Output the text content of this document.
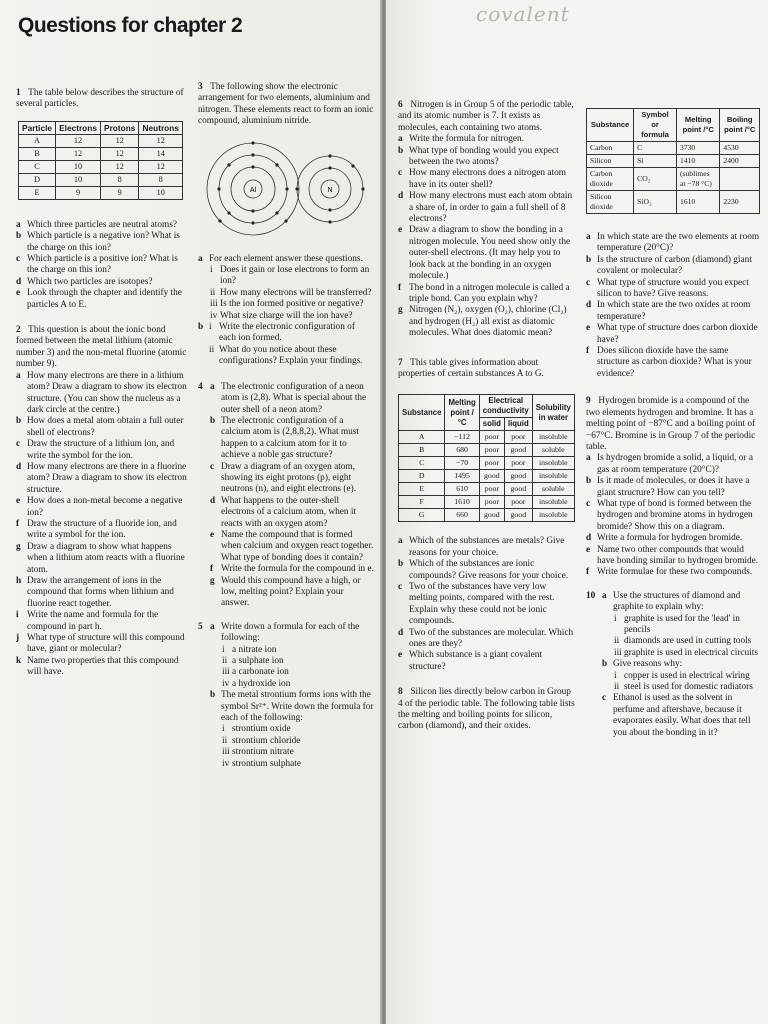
Questions for chapter 2

1 The table below describes the structure of several particles.

Particle	Electrons	Protons	Neutrons
A	12	12	12
B	12	12	14
C	10	12	12
D	10	8	8
E	9	9	10
a Which three particles are neutral atoms?
b Which particle is a negative ion? What is the charge on this ion?
c Which particle is a positive ion? What is the charge on this ion?
d Which two particles are isotopes?
e Look through the chapter and identify the particles A to E.

2 This question is about the ionic bond formed between the metal lithium (atomic number 3) and the non-metal fluorine (atomic number 9).

a How many electrons are there in a lithium atom? Draw a diagram to show its electron structure. (You can show the nucleus as a dark circle at the centre.)
b How does a metal atom obtain a full outer shell of electrons?
c Draw the structure of a lithium ion, and write the symbol for the ion.
d How many electrons are there in a fluorine atom? Draw a diagram to show its electron structure.
e How does a non-metal become a negative ion?
f Draw the structure of a fluoride ion, and write a symbol for the ion.
g Draw a diagram to show what happens when a lithium atom reacts with a fluorine atom.
h Draw the arrangement of ions in the compound that forms when lithium and fluorine react together.
i Write the name and formula for the compound in part h.
j What type of structure will this compound have, giant or molecular?
k Name two properties that this compound will have.

3 The following show the electronic arrangement for two elements, aluminium and nitrogen. These elements react to form an ionic compound, aluminium nitride.

Al	N
a For each element answer these questions.
i Does it gain or lose electrons to form an ion?
ii How many electrons will be transferred?
iii Is the ion formed positive or negative?
iv What size charge will the ion have?
b i Write the electronic configuration of each ion formed.
ii What do you notice about these configurations? Explain your findings.
4 a The electronic configuration of a neon atom is (2,8). What is special about the outer shell of a neon atom?
b The electronic configuration of a calcium atom is (2,8,8,2). What must happen to a calcium atom for it to achieve a noble gas structure?
c Draw a diagram of an oxygen atom, showing its eight protons (p), eight neutrons (n), and eight electrons (e).
d What happens to the outer-shell electrons of a calcium atom, when it reacts with an oxygen atom?
e Name the compound that is formed when calcium and oxygen react together. What type of bonding does it contain?
f Write the formula for the compound in e.
g Would this compound have a high, or low, melting point? Explain your answer.
5 a Write down a formula for each of the following:
i a nitrate ion
ii a sulphate ion
iii a carbonate ion
iv a hydroxide ion
b The metal strontium forms ions with the symbol Sr²⁺. Write down the formula for each of the following:
i strontium oxide
ii strontium chloride
iii strontium nitrate
iv strontium sulphate
covalent

6 Nitrogen is in Group 5 of the periodic table, and its atomic number is 7. It exists as molecules, each containing two atoms.

a Write the formula for nitrogen.
b What type of bonding would you expect between the two atoms?
c How many electrons does a nitrogen atom have in its outer shell?
d How many electrons must each atom obtain a share of, in order to gain a full shell of 8 electrons?
e Draw a diagram to show the bonding in a nitrogen molecule. You need show only the outer-shell electrons. (It may help you to look back at the bonding in an oxygen molecule.)
f The bond in a nitrogen molecule is called a triple bond. Can you explain why?
g Nitrogen (N₂), oxygen (O₂), chlorine (Cl₂) and hydrogen (H₂) all exist as diatomic molecules. What does diatomic mean?

7 This table gives information about properties of certain substances A to G.

Substance	Melting point /°C	Electrical conductivity		Solubility in water
		solid	liquid	
A	−112	poor	poor	insoluble
B	680	poor	good	soluble
C	−70	poor	poor	insoluble
D	1495	good	good	insoluble
E	610	poor	good	soluble
F	1610	poor	poor	insoluble
G	660	good	good	insoluble
a Which of the substances are metals? Give reasons for your choice.
b Which of the substances are ionic compounds? Give reasons for your choice.
c Two of the substances have very low melting points, compared with the rest. Explain why these could not be ionic compounds.
d Two of the substances are molecular. Which ones are they?
e Which substance is a giant covalent structure?

8 Silicon lies directly below carbon in Group 4 of the periodic table. The following table lists the melting and boiling points for silicon, carbon (diamond), and their oxides.

Substance	Symbol or formula	Melting point /°C	Boiling point /°C
Carbon	C	3730	4530
Silicon	Si	1410	2400
Carbon dioxide	CO₂	(sublimes at −78 °C)	
Silicon dioxide	SiO₂	1610	2230
a In which state are the two elements at room temperature (20°C)?
b Is the structure of carbon (diamond) giant covalent or molecular?
c What type of structure would you expect silicon to have? Give reasons.
d In which state are the two oxides at room temperature?
e What type of structure does carbon dioxide have?
f Does silicon dioxide have the same structure as carbon dioxide? What is your evidence?

9 Hydrogen bromide is a compound of the two elements hydrogen and bromine. It has a melting point of −87°C and a boiling point of −67°C. Bromine is in Group 7 of the periodic table.

a Is hydrogen bromide a solid, a liquid, or a gas at room temperature (20°C)?
b Is it made of molecules, or does it have a giant structure? How can you tell?
c What type of bond is formed between the hydrogen and bromine atoms in hydrogen bromide? Show this on a diagram.
d Write a formula for hydrogen bromide.
e Name two other compounds that would have bonding similar to hydrogen bromide.
f Write formulae for these two compounds.
10 a Use the structures of diamond and graphite to explain why:
i graphite is used for the 'lead' in pencils
ii diamonds are used in cutting tools
iii graphite is used in electrical circuits
b Give reasons why:
i copper is used in electrical wiring
ii steel is used for domestic radiators
c Ethanol is used as the solvent in perfume and aftershave, because it evaporates easily. What does that tell you about the bonding in it?
